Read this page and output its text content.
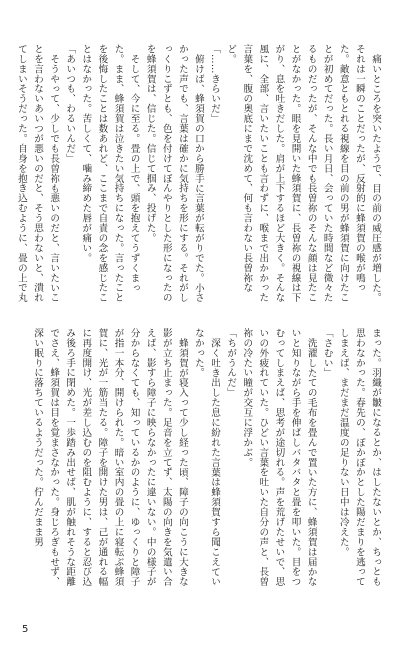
痛いところを突いたようで、目の前の威圧感が増した。それは一瞬のことだったが、反射的に蜂須賀の喉が鳴った。敵意ともとれる視線を目の前の男が蜂須賀に向けたことが初めてだった。長い月日、会っていた時間など微々たるものだったが、そんな中でも長曽祢のそんな顔は見たことがなかった。眼を見開いた蜂須賀に、長曽祢の視線は下がり、息を吐きだした。肩が上下するほど大きく。そんな風に、全部、言いたいことも言わずに、喉まで出かかった言葉を、腹の奥底にまで沈めて、何も言わない長曽祢など。

「……きらいだ」

俯けば、蜂須賀の口から勝手に言葉が転がりでた。小さかった声でも、言葉は確かに気持ちを形にする。それがしっくりこずとも、色を付けてぼんやりとした形になったのを蜂須賀は、信じた。信じて掴み、投げた。

そして、今に至る。畳の上で、頭を抱えてうずくまった。まま、蜂須賀は泣きたい気持ちになった。言ったことを後悔したことは数あれど、ここまで自責の念を感じたことはなかった。苦しくて、噛み締めた唇が痛い。

「あいつも、わるいんだ」

そうやって、少しでも長曽祢も悪いのだと、言いたいことを言わないあいつが悪いのだと、そう思わないと、潰れてしまいそうだった。自身を抱き込むように、畳の上で丸

まった。羽織が皺になるとか、はしたないとか、ちっとも思わなかった。春先の、ぽかぽかとした陽だまりを逃ってしまえば、まだまだ温度の足りない日中は冷えた。

「さむい」

洗濯したての毛布を畳んで置いた方に、蜂須賀は届かないと知りながら手を伸ばしバタバタと畳を叩いた。目をつむってしまえば、思考が途切れる。声を荒げたせいで、思いの外疲れていた。ひどい言葉を吐いた自分の声と、長曽祢の冷たい瞳が交互に浮かぶ。

「ちがうんだ」

深く吐き出した息に紛れた言葉は蜂須賀すら聞こえていなかった。

蜂須賀が寝入って少し経った頃、障子の向こうに大きな影が立ち止まった。足音を立てず、太陽の向きを気遣い合えば、影すら障子に映らなかったに違いない。中の様子が分からなくても、知っているかのように、ゆっくりと障子が指一本分、開けられた。暗い室内の畳の上に寝転ぶ蜂須賀に、光が一筋当たる。障子を開けた男は、己が通れる幅に再度開け、光が差し込むのを阻むように、すると忍び込み後ろ手に閉めた。一歩踏み出せば、肌が触れそうな距離でさえ、蜂須賀は目を覚まさなかった。身じろぎもせず、深い眠りに落ちているようだった。佇んだまま男

5
